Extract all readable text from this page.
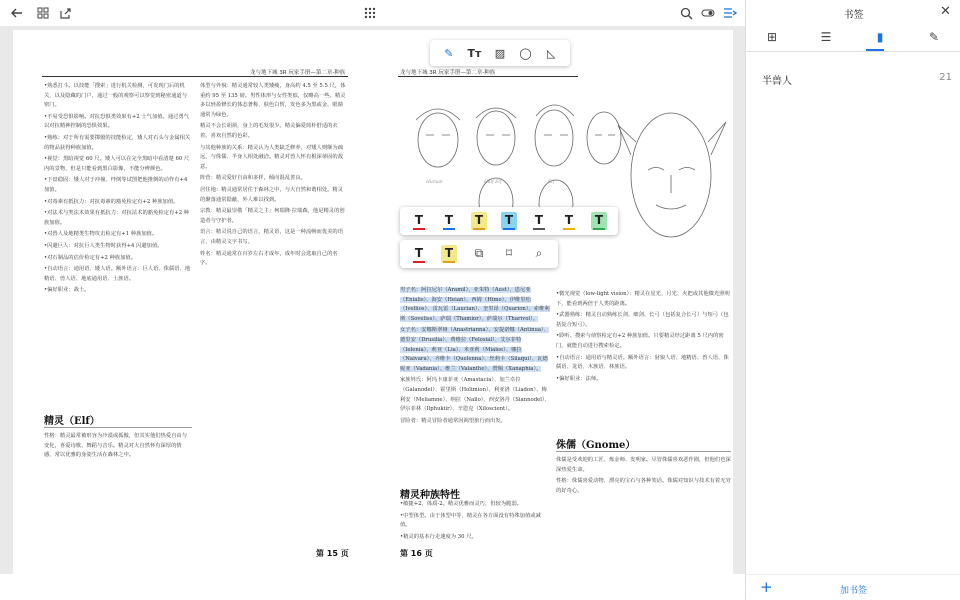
龙与地下城 3R 玩家手册—第二章-种族

•熟悉打斗。以技能「搜索」进行机关检测，可发现门后的机关，以及隐藏的门户，通过一般的观察可以察觉到秘密通道与密门。

•不易受恐惧影响。对抗恐惧类效果有+2 士气加值。通过勇气以对抗精神控制的恐惧效果。

•熟练：对于所有需要掷骰的技能检定，矮人对石头与金属相关的物品获得种族加值。

•视觉：黑暗视觉 60 尺。矮人可以在完全黑暗中看清楚 60 尺内的景物，但是只能看到黑白影像，不能分辨颜色。

•下盘稳固：矮人对于冲撞、绊倒等试图把他推倒的动作有+4 加值。

•对毒素有抵抗力：对抗毒素的豁免检定有+2 种族加值。

•对法术与类法术效果有抵抗力：对抗法术的豁免检定有+2 种族加值。

•对兽人及地精类生物攻击检定有+1 种族加值。

•闪避巨人：对抗巨人类生物时获得+4 闪避加值。

•对石制品的估价检定有+2 种族加值。

•自动语言：通用语、矮人语。额外语言：巨人语、侏儒语、地精语、兽人语、地底通用语、土族语。

•偏好职业：战士。

精灵（Elf）

性格：精灵最常被形容为冷漠或孤傲，但其实他们热爱自由与变化，喜爱诗歌、舞蹈与音乐。精灵对大自然怀有深厚的情感，常以优雅的身姿生活在森林之中。

体型与外貌：精灵通常较人类矮瘦，身高约 4.5 至 5.5 尺，体重约 95 至 135 磅。男性体形与女性类似，仅略高一些。精灵多以轻盈修长的体态著称，肤色白皙，发色多为黑或金，眼睛通常为绿色。

精灵不会长胡须，身上的毛发很少。精灵偏爱简朴舒适的衣着，喜欢自然的色彩。

与其他种族的关系：精灵认为人类缺乏修养，对矮人则颇为疏远，与侏儒、半身人相处融洽。精灵对兽人怀有根深蒂固的敌意。

阵营：精灵爱好自由和多样，倾向混乱善良。

居住地：精灵通常居住于森林之中，与大自然和谐相处。精灵的聚落通常隐蔽，外人难以找到。

宗教：精灵最崇敬「精灵之主」柯瑞隆·拉瑞森，他是精灵的创造者与守护者。

语言：精灵说自己的语言，精灵语，这是一种流畅而优美的语言，由精灵文字书写。

姓名：精灵通常在百岁左右才成年，成年时会选取自己的名字。

第 15 页
龙与地下城 3R 玩家手册—第二章-种族
Human	Half Elf	Elf

男子名：阿拉尼尔（Aramil）、亚朱特（Aust）、恩尼亚（Enialis）、海安（Heian）、西姆（Himo）、伊维里松（Ivellios）、雷瓦雷（Laucian）、奎里昂（Quarion）、索维利斯（Soveliss）、萨瑞（Thamior）、萨瑞尔（Tharivol）。

女子名：安娜斯翠娅（Anastrianna）、安提诺娜（Antinua）、德里安（Drusilia）、费维拉（Felosial）、艾尔菲特（Ielenia）、莉亚（Lia）、米亚莉（Mialee）、娜拉（Naivara）、齐维卡（Quelenna）、丝莉卡（Silaqui）、瓦德妮亚（Vadania）、维兰（Valanthe）、赞佩（Xanaphia）。

家族姓氏：阿玛卡康菲亚（Amastacia）、加兰卓拉（Galanodel）、霍里斯（Holimion）、利亚洛（Liadon）、梅利安（Meliamne）、纳拉（Naïlo）、西安洛丹（Siannodel）、伊尔菲林（Ilphukiir）、辛恩克（Xiloscient）。

冒险者：精灵冒险者通常因渴望旅行而出发。

精灵种族特性

•敏捷+2，体质-2。精灵优雅而灵巧，但较为脆弱。

•中型体型。由于体型中等，精灵在各方面没有特殊加值或减值。

•精灵的基本行走速度为 30 尺。

第 16 页

•微光视觉（low-light vision）：精灵在星光、月光、火把或其他微光照明下，能看到两倍于人类的距离。

•武器熟练：精灵自动熟练长剑、细剑、长弓（包括复合长弓）与短弓（包括复合短弓）。

•聆听、搜索与侦察检定有+2 种族加值。只要精灵经过距离 5 尺内的密门，就能自动进行搜索检定。

•自动语言：通用语与精灵语。额外语言：豺狼人语、地精语、兽人语、侏儒语、龙语、木族语、林族语。

•偏好职业：法师。

侏儒（Gnome）

侏儒是受欢迎的工匠、炼金师、发明家。尽管侏儒喜欢恶作剧，但他们也深深热爱生命。

性格：侏儒喜爱动物、漂亮的宝石与各种笑话。侏儒对知识与技术有着无穷的好奇心。

✎	Tт ▨ ◯	◺
T	T	T	T	T	T	T
T	T	⧉	⌑	⌕
书签	✕
⊞	☰	▮	✎
半兽人	21
+	加书签
